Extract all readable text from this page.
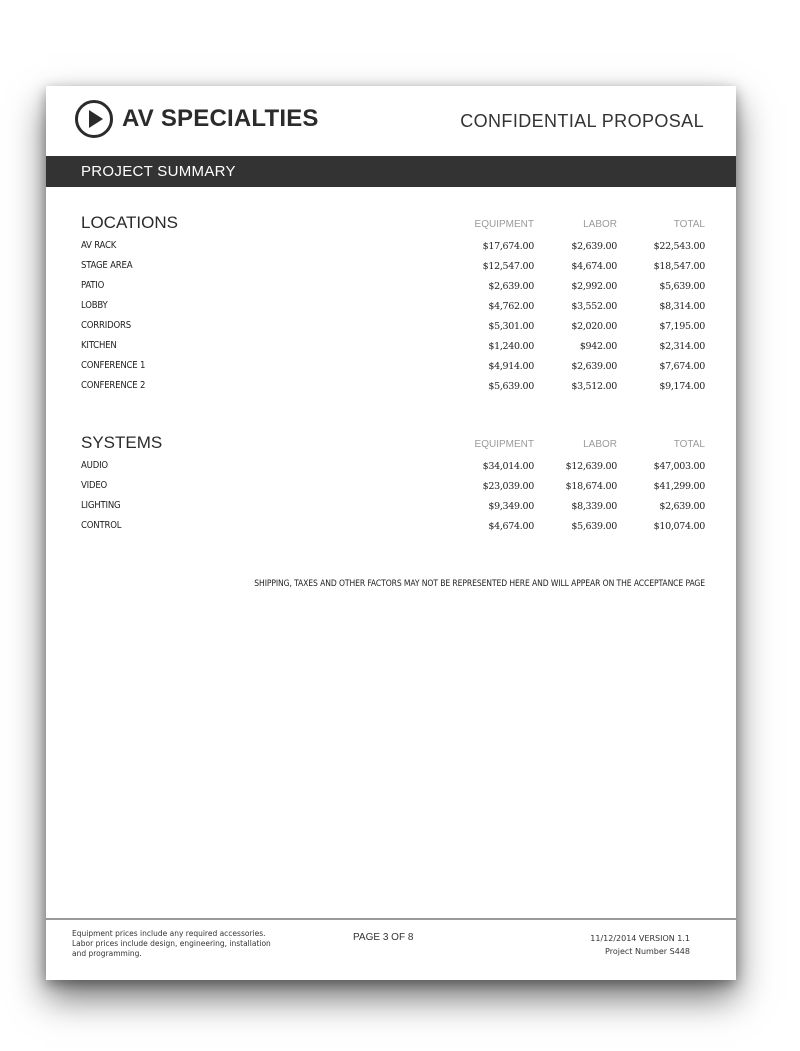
AV SPECIALTIES	CONFIDENTIAL PROPOSAL
PROJECT SUMMARY
LOCATIONS	EQUIPMENT	LABOR	TOTAL
AV RACK	$17,674.00	$2,639.00	$22,543.00
STAGE AREA	$12,547.00	$4,674.00	$18,547.00
PATIO	$2,639.00	$2,992.00	$5,639.00
LOBBY	$4,762.00	$3,552.00	$8,314.00
CORRIDORS	$5,301.00	$2,020.00	$7,195.00
KITCHEN	$1,240.00	$942.00	$2,314.00
CONFERENCE 1	$4,914.00	$2,639.00	$7,674.00
CONFERENCE 2	$5,639.00	$3,512.00	$9,174.00
SYSTEMS	EQUIPMENT	LABOR	TOTAL
AUDIO	$34,014.00	$12,639.00	$47,003.00
VIDEO	$23,039.00	$18,674.00	$41,299.00
LIGHTING	$9,349.00	$8,339.00	$2,639.00
CONTROL	$4,674.00	$5,639.00	$10,074.00
SHIPPING, TAXES AND OTHER FACTORS MAY NOT BE REPRESENTED HERE AND WILL APPEAR ON THE ACCEPTANCE PAGE
Equipment prices include any required accessories.
Labor prices include design, engineering, installation
and programming.
PAGE 3 OF 8	11/12/2014 VERSION 1.1
Project Number S448
